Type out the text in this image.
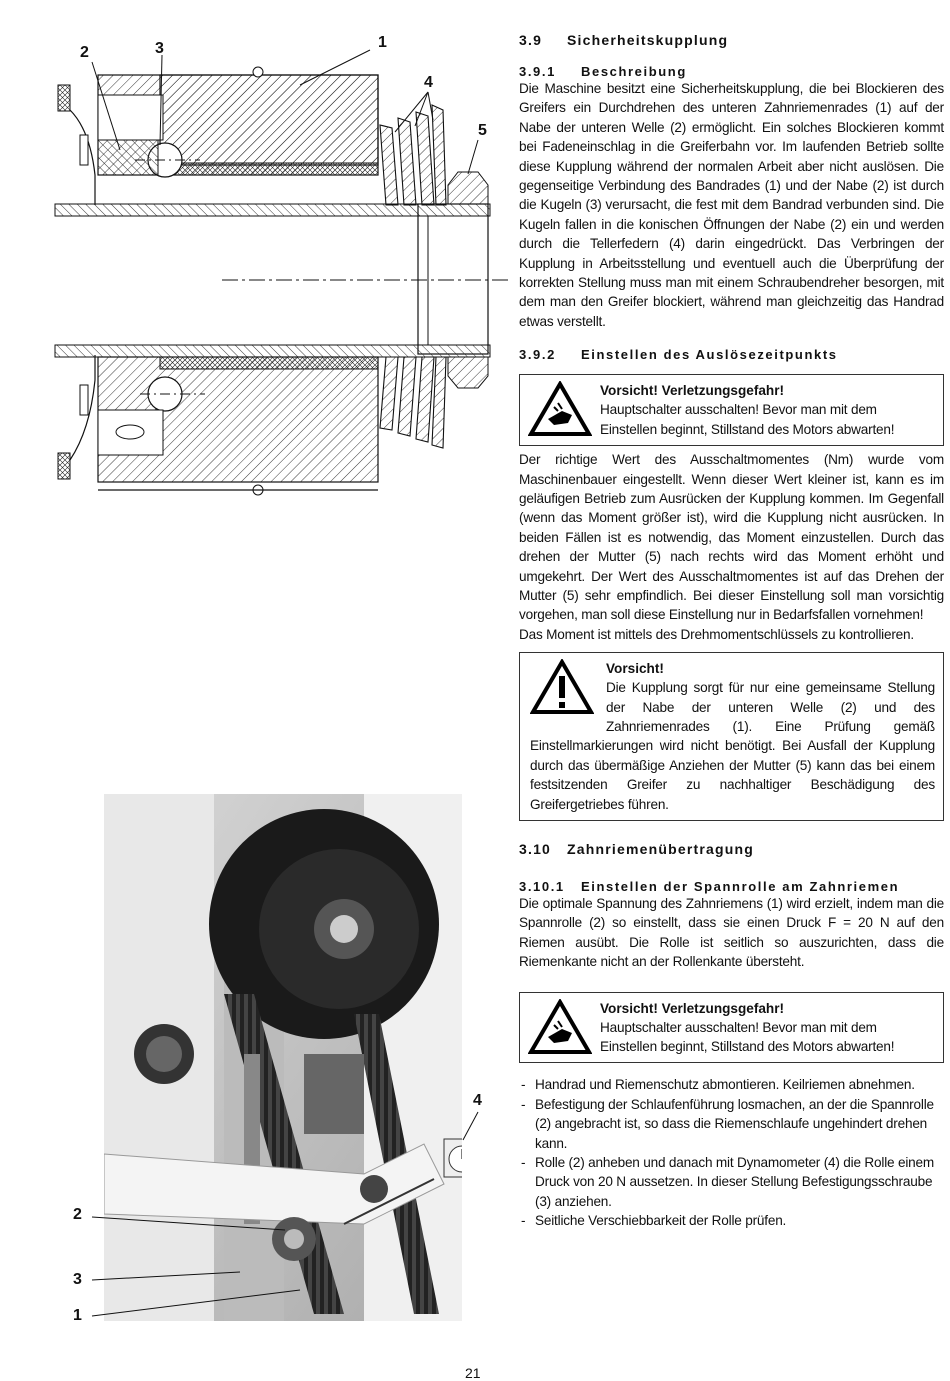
1
2	3
4
5
2
3
1
4
3.9 Sicherheitskupplung
3.9.1 Beschreibung

Die Maschine besitzt eine Sicherheitskupplung, die bei Blockieren des Greifers ein Durchdrehen des unteren Zahnriemenrades (1) auf der Nabe der unteren Welle (2) ermöglicht. Ein solches Blockieren kommt bei Fadeneinschlag in die Greiferbahn vor. Im laufenden Betrieb sollte diese Kupplung während der normalen Arbeit aber nicht auslösen. Die gegenseitige Verbindung des Bandrades (1) und der Nabe (2) ist durch die Kugeln (3) verursacht, die fest mit dem Bandrad verbunden sind. Die Kugeln fallen in die konischen Öffnungen der Nabe (2) ein und werden durch die Tellerfedern (4) darin eingedrückt. Das Verbringen der Kupplung in Arbeitsstellung und eventuell auch die Überprüfung der korrekten Stellung muss man mit einem Schraubendreher besorgen, mit dem man den Greifer blockiert, während man gleichzeitig das Handrad etwas verstellt.

3.9.2 Einstellen des Auslösezeitpunkts
Vorsicht! Verletzungsgefahr!
Hauptschalter ausschalten! Bevor man mit dem Einstellen beginnt, Stillstand des Motors abwarten!

Der richtige Wert des Ausschaltmomentes (Nm) wurde vom Maschinenbauer eingestellt. Wenn dieser Wert kleiner ist, kann es im geläufigen Betrieb zum Ausrücken der Kupplung kommen. Im Gegenfall (wenn das Moment größer ist), wird die Kupplung nicht ausrücken. In beiden Fällen ist es notwendig, das Moment einzustellen. Durch das drehen der Mutter (5) nach rechts wird das Moment erhöht und umgekehrt. Der Wert des Ausschaltmomentes ist auf das Drehen der Mutter (5) sehr empfindlich. Bei dieser Einstellung soll man vorsichtig vorgehen, man soll diese Einstellung nur in Bedarfsfallen vornehmen!

Das Moment ist mittels des Drehmomentschlüssels zu kontrollieren.

Vorsicht!
Die Kupplung sorgt für nur eine gemeinsame Stellung der Nabe der unteren Welle (2) und des Zahnriemenrades (1). Eine Prüfung gemäß Einstellmarkierungen wird nicht benötigt. Bei Ausfall der Kupplung durch das übermäßige Anziehen der Mutter (5) kann das bei einem festsitzenden Greifer zu nachhaltiger Beschädigung des Greifergetriebes führen.
3.10 Zahnriemenübertragung
3.10.1 Einstellen der Spannrolle am Zahnriemen

Die optimale Spannung des Zahnriemens (1) wird erzielt, indem man die Spannrolle (2) so einstellt, dass sie einen Druck F = 20 N auf den Riemen ausübt. Die Rolle ist seitlich so auszurichten, dass die Riemenkante nicht an der Rollenkante übersteht.

Vorsicht! Verletzungsgefahr!
Hauptschalter ausschalten! Bevor man mit dem Einstellen beginnt, Stillstand des Motors abwarten!
- Handrad und Riemenschutz abmontieren. Keilriemen abnehmen.
- Befestigung der Schlaufenführung losmachen, an der die Spannrolle (2) angebracht ist, so dass die Riemenschlaufe ungehindert drehen kann.
- Rolle (2) anheben und danach mit Dynamometer (4) die Rolle einem Druck von 20 N aussetzen. In dieser Stellung Befestigungsschraube (3) anziehen.
- Seitliche Verschiebbarkeit der Rolle prüfen.
21
